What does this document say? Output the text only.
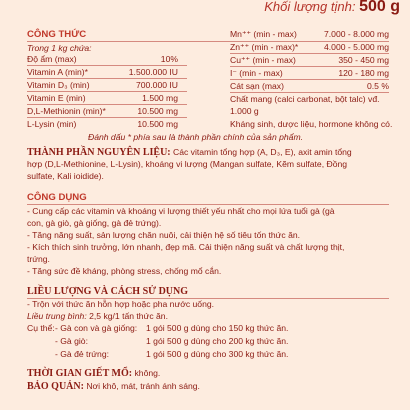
Khối lượng tịnh: 500 g
CÔNG THỨC
Trong 1 kg chứa:
Độ ẩm (max)	10%
Vitamin A (min)*	1.500.000 IU
Vitamin D₃ (min)	700.000 IU
Vitamin E (min)	1.500 mg
D,L-Methionin (min)*	10.500 mg
L-Lysin (min)	10.500 mg
Mn⁺⁺ (min - max)	7.000 - 8.000 mg
Zn⁺⁺ (min - max)*	4.000 - 5.000 mg
Cu⁺⁺ (min - max)	350 - 450 mg
I⁻ (min - max)	120 - 180 mg
Cát sạn (max)	0.5 %
Chất mang (calci carbonat, bột talc) vđ.
1.000 g
Kháng sinh, dược liệu, hormone không có.
Đánh dấu * phía sau là thành phần chính của sản phẩm.
THÀNH PHẦN NGUYÊN LIỆU: Các vitamin tổng hợp (A, D₃, E), axit amin tổng
hợp (D,L-Methionine, L-Lysin), khoáng vi lượng (Mangan sulfate, Kẽm sulfate, Đồng
sulfate, Kali ioidide).
CÔNG DỤNG
- Cung cấp các vitamin và khoáng vi lượng thiết yếu nhất cho mọi lứa tuổi gà (gà
con, gà giò, gà giống, gà đẻ trứng).
- Tăng năng suất, sản lượng chăn nuôi, cải thiện hệ số tiêu tốn thức ăn.
- Kích thích sinh trưởng, lớn nhanh, đẹp mã. Cải thiện năng suất và chất lượng thịt,
trứng.
- Tăng sức đề kháng, phòng stress, chống mổ cắn.
LIỀU LƯỢNG VÀ CÁCH SỬ DỤNG
- Trộn với thức ăn hỗn hợp hoặc pha nước uống.
Liều trung bình: 2,5 kg/1 tấn thức ăn.
Cụ thể: - Gà con và gà giống: 1 gói 500 g dùng cho 150 kg thức ăn.
- Gà giò:	1 gói 500 g dùng cho 200 kg thức ăn.
- Gà đẻ trứng:	1 gói 500 g dùng cho 300 kg thức ăn.
THỜI GIAN GIẾT MỔ: không.
BẢO QUẢN: Nơi khô, mát, tránh ánh sáng.
